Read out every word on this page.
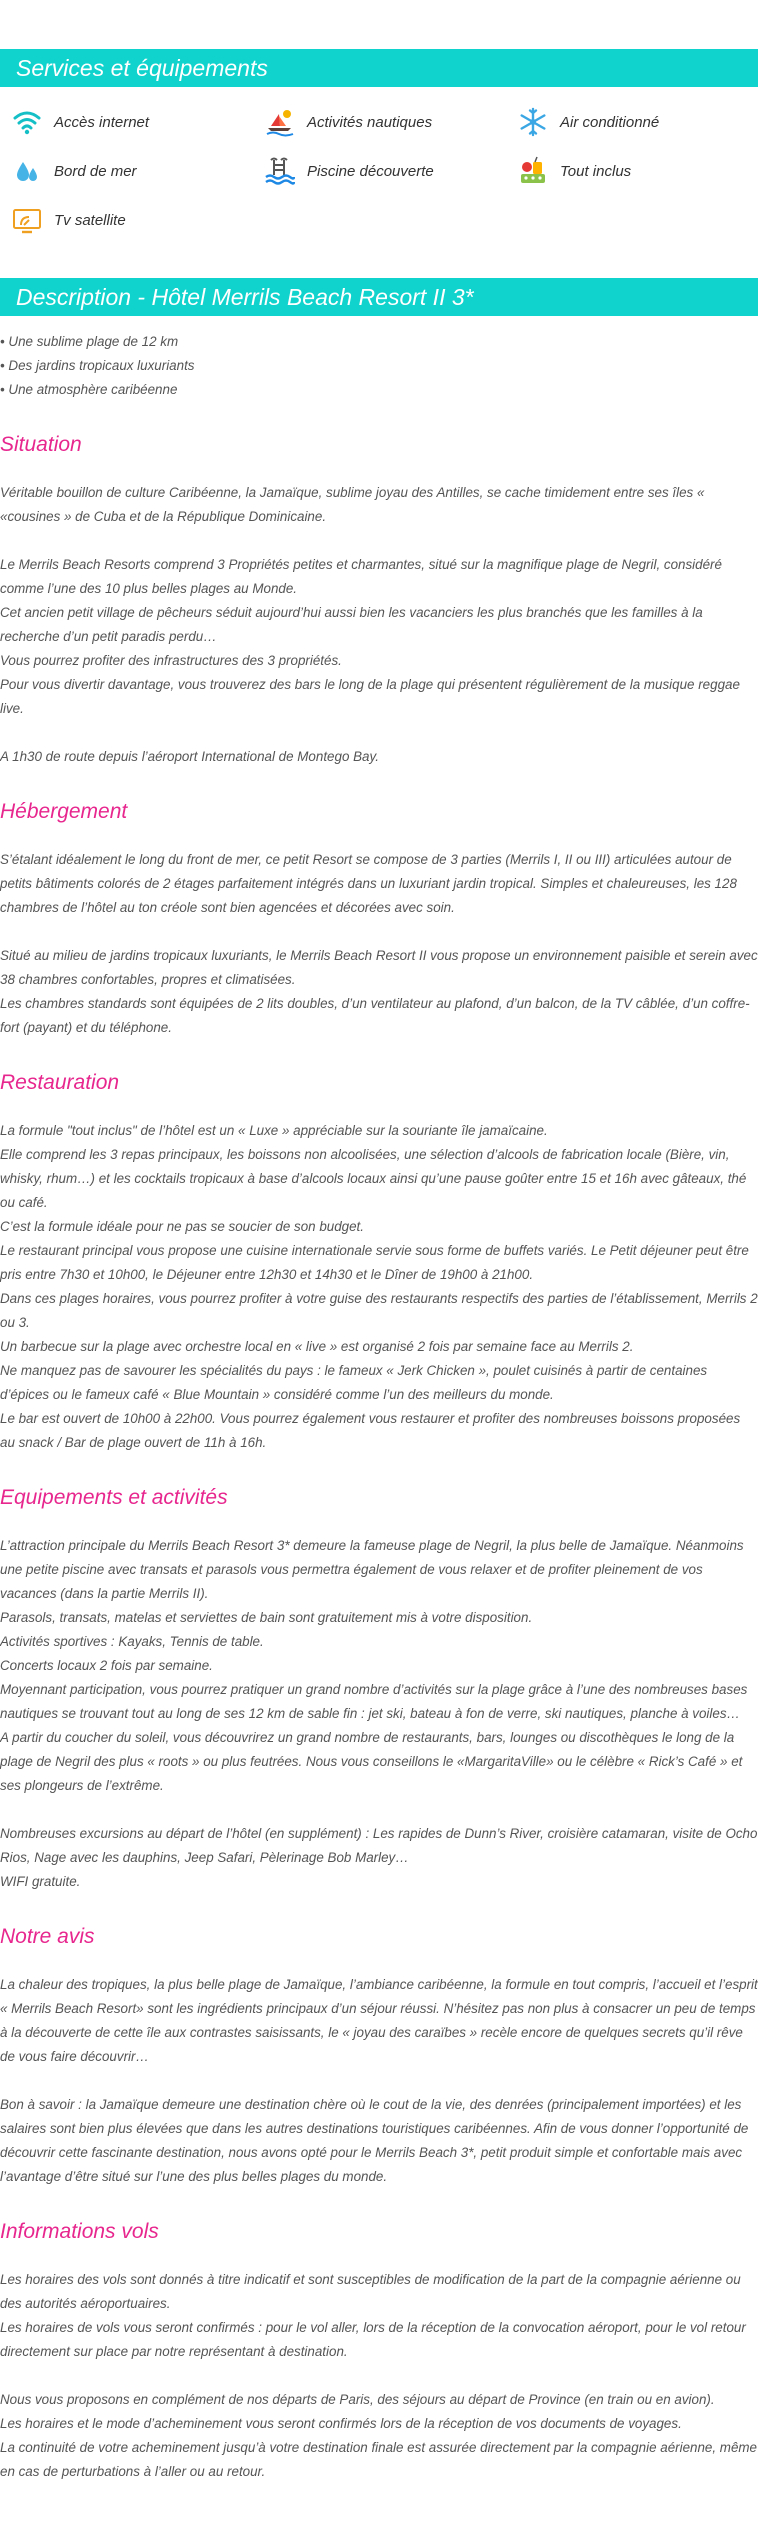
Services et équipements
Accès internet	Activités nautiques	Air conditionné
Bord de mer	Piscine découverte	Tout inclus
Tv satellite
Description - Hôtel Merrils Beach Resort II 3*
• Une sublime plage de 12 km
• Des jardins tropicaux luxuriants
• Une atmosphère caribéenne
Situation

Véritable bouillon de culture Caribéenne, la Jamaïque, sublime joyau des Antilles, se cache timidement entre ses îles « «cousines » de Cuba et de la République Dominicaine.

Le Merrils Beach Resorts comprend 3 Propriétés petites et charmantes, situé sur la magnifique plage de Negril, considéré comme l’une des 10 plus belles plages au Monde.
Cet ancien petit village de pêcheurs séduit aujourd’hui aussi bien les vacanciers les plus branchés que les familles à la recherche d’un petit paradis perdu…
Vous pourrez profiter des infrastructures des 3 propriétés.
Pour vous divertir davantage, vous trouverez des bars le long de la plage qui présentent régulièrement de la musique reggae live.

A 1h30 de route depuis l’aéroport International de Montego Bay.

Hébergement

S’étalant idéalement le long du front de mer, ce petit Resort se compose de 3 parties (Merrils I, II ou III) articulées autour de petits bâtiments colorés de 2 étages parfaitement intégrés dans un luxuriant jardin tropical. Simples et chaleureuses, les 128 chambres de l’hôtel au ton créole sont bien agencées et décorées avec soin.

Situé au milieu de jardins tropicaux luxuriants, le Merrils Beach Resort II vous propose un environnement paisible et serein avec 38 chambres confortables, propres et climatisées.
Les chambres standards sont équipées de 2 lits doubles, d’un ventilateur au plafond, d’un balcon, de la TV câblée, d’un coffre-fort (payant) et du téléphone.

Restauration

La formule "tout inclus" de l’hôtel est un « Luxe » appréciable sur la souriante île jamaïcaine.
Elle comprend les 3 repas principaux, les boissons non alcoolisées, une sélection d’alcools de fabrication locale (Bière, vin, whisky, rhum…) et les cocktails tropicaux à base d’alcools locaux ainsi qu’une pause goûter entre 15 et 16h avec gâteaux, thé ou café.
C’est la formule idéale pour ne pas se soucier de son budget.
Le restaurant principal vous propose une cuisine internationale servie sous forme de buffets variés. Le Petit déjeuner peut être pris entre 7h30 et 10h00, le Déjeuner entre 12h30 et 14h30 et le Dîner de 19h00 à 21h00.
Dans ces plages horaires, vous pourrez profiter à votre guise des restaurants respectifs des parties de l’établissement, Merrils 2 ou 3.
Un barbecue sur la plage avec orchestre local en « live » est organisé 2 fois par semaine face au Merrils 2.
Ne manquez pas de savourer les spécialités du pays : le fameux « Jerk Chicken », poulet cuisinés à partir de centaines d’épices ou le fameux café « Blue Mountain » considéré comme l’un des meilleurs du monde.
Le bar est ouvert de 10h00 à 22h00. Vous pourrez également vous restaurer et profiter des nombreuses boissons proposées au snack / Bar de plage ouvert de 11h à 16h.

Equipements et activités

L’attraction principale du Merrils Beach Resort 3* demeure la fameuse plage de Negril, la plus belle de Jamaïque. Néanmoins une petite piscine avec transats et parasols vous permettra également de vous relaxer et de profiter pleinement de vos vacances (dans la partie Merrils II).
Parasols, transats, matelas et serviettes de bain sont gratuitement mis à votre disposition.
Activités sportives : Kayaks, Tennis de table.
Concerts locaux 2 fois par semaine.
Moyennant participation, vous pourrez pratiquer un grand nombre d’activités sur la plage grâce à l’une des nombreuses bases nautiques se trouvant tout au long de ses 12 km de sable fin : jet ski, bateau à fon de verre, ski nautiques, planche à voiles…
A partir du coucher du soleil, vous découvrirez un grand nombre de restaurants, bars, lounges ou discothèques le long de la plage de Negril des plus « roots » ou plus feutrées. Nous vous conseillons le «MargaritaVille» ou le célèbre « Rick’s Café » et ses plongeurs de l’extrême.

Nombreuses excursions au départ de l’hôtel (en supplément) : Les rapides de Dunn’s River, croisière catamaran, visite de Ocho Rios, Nage avec les dauphins, Jeep Safari, Pèlerinage Bob Marley…
WIFI gratuite.

Notre avis

La chaleur des tropiques, la plus belle plage de Jamaïque, l’ambiance caribéenne, la formule en tout compris, l’accueil et l’esprit « Merrils Beach Resort» sont les ingrédients principaux d’un séjour réussi. N’hésitez pas non plus à consacrer un peu de temps à la découverte de cette île aux contrastes saisissants, le « joyau des caraïbes » recèle encore de quelques secrets qu’il rêve de vous faire découvrir…

Bon à savoir : la Jamaïque demeure une destination chère où le cout de la vie, des denrées (principalement importées) et les salaires sont bien plus élevées que dans les autres destinations touristiques caribéennes. Afin de vous donner l’opportunité de découvrir cette fascinante destination, nous avons opté pour le Merrils Beach 3*, petit produit simple et confortable mais avec l’avantage d’être situé sur l’une des plus belles plages du monde.

Informations vols

Les horaires des vols sont donnés à titre indicatif et sont susceptibles de modification de la part de la compagnie aérienne ou des autorités aéroportuaires.
Les horaires de vols vous seront confirmés : pour le vol aller, lors de la réception de la convocation aéroport, pour le vol retour directement sur place par notre représentant à destination.

Nous vous proposons en complément de nos départs de Paris, des séjours au départ de Province (en train ou en avion).
Les horaires et le mode d’acheminement vous seront confirmés lors de la réception de vos documents de voyages.
La continuité de votre acheminement jusqu’à votre destination finale est assurée directement par la compagnie aérienne, même en cas de perturbations à l’aller ou au retour.
